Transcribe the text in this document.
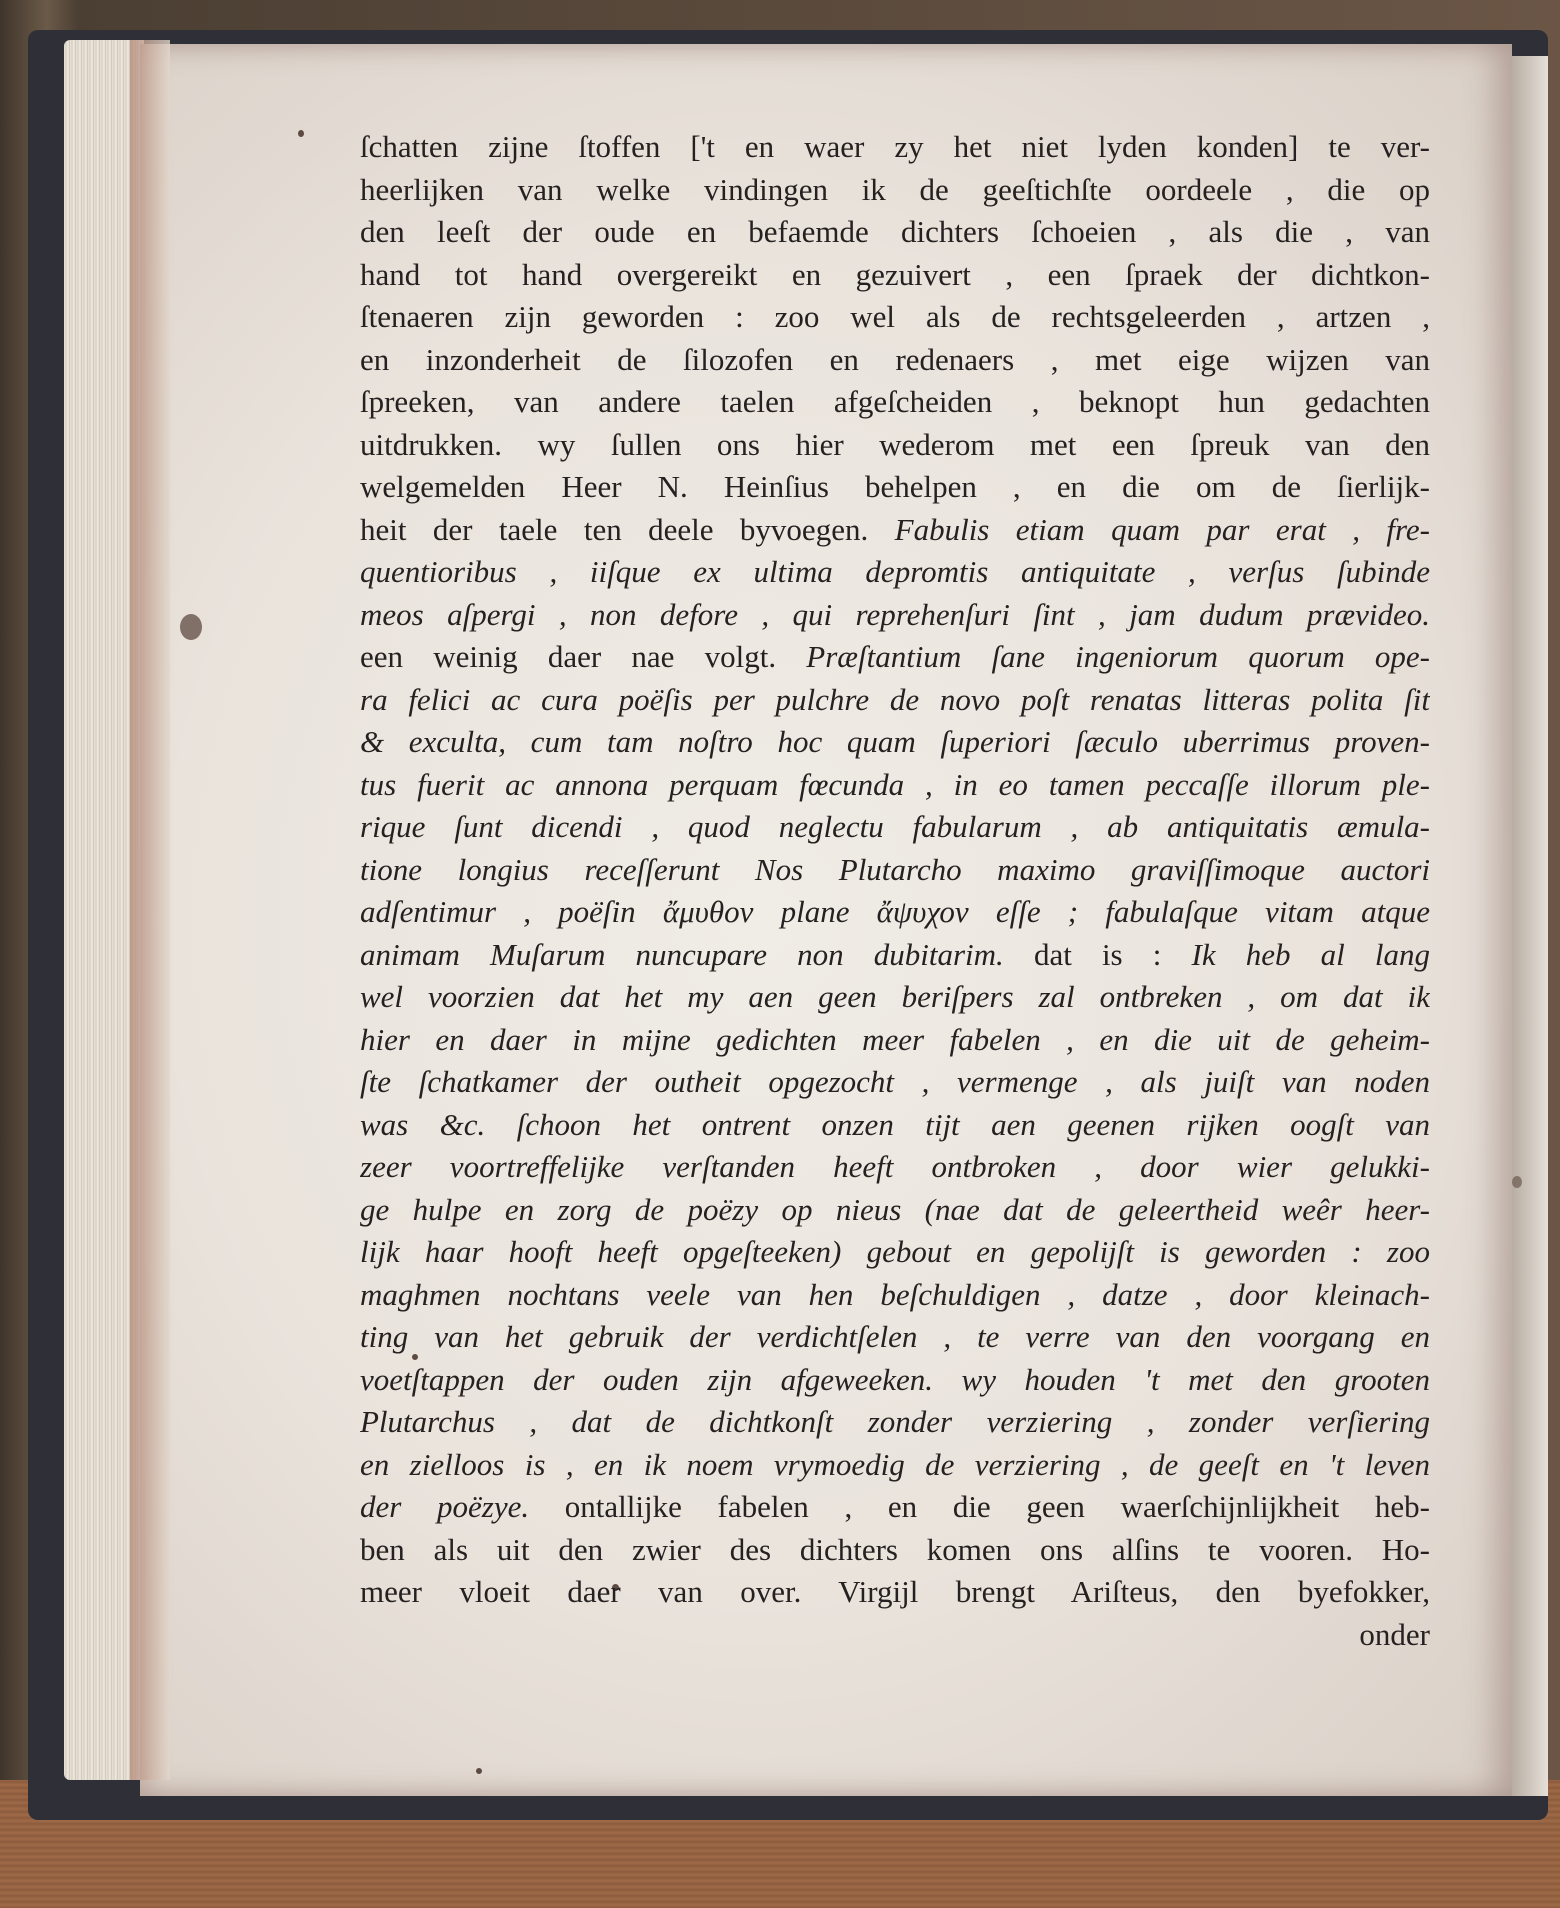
ſchatten zijne ſtoffen ['t en waer zy het niet lyden konden] te ver-
heerlijken van welke vindingen ik de geeſtichſte oordeele , die op
den leeſt der oude en befaemde dichters ſchoeien , als die , van
hand tot hand overgereikt en gezuivert , een ſpraek der dichtkon-
ſtenaeren zijn geworden : zoo wel als de rechtsgeleerden , artzen ,
en inzonderheit de ſilozofen en redenaers , met eige wijzen van
ſpreeken, van andere taelen afgeſcheiden , beknopt hun gedachten
uitdrukken. wy ſullen ons hier wederom met een ſpreuk van den
welgemelden Heer N. Heinſius behelpen , en die om de ſierlijk-
heit der taele ten deele byvoegen. Fabulis etiam quam par erat , fre-
quentioribus , iiſque ex ultima depromtis antiquitate , verſus ſubinde
meos aſpergi , non defore , qui reprehenſuri ſint , jam dudum prævideo.
een weinig daer nae volgt. Præſtantium ſane ingeniorum quorum ope-
ra felici ac cura poëſis per pulchre de novo poſt renatas litteras polita ſit
& exculta, cum tam noſtro hoc quam ſuperiori ſæculo uberrimus proven-
tus fuerit ac annona perquam fœcunda , in eo tamen peccaſſe illorum ple-
rique ſunt dicendi , quod neglectu fabularum , ab antiquitatis æmula-
tione longius receſſerunt Nos Plutarcho maximo graviſſimoque auctori
adſentimur , poëſin ἄμυθον plane ἄψυχον eſſe ; fabulaſque vitam atque
animam Muſarum nuncupare non dubitarim. dat is : Ik heb al lang
wel voorzien dat het my aen geen beriſpers zal ontbreken , om dat ik
hier en daer in mijne gedichten meer fabelen , en die uit de geheim-
ſte ſchatkamer der outheit opgezocht , vermenge , als juiſt van noden
was &c. ſchoon het ontrent onzen tijt aen geenen rijken oogſt van
zeer voortreffelijke verſtanden heeft ontbroken , door wier gelukki-
ge hulpe en zorg de poëzy op nieus (nae dat de geleertheid weêr heer-
lijk haar hooft heeft opgeſteeken) gebout en gepolijſt is geworden : zoo
maghmen nochtans veele van hen beſchuldigen , datze , door kleinach-
ting van het gebruik der verdichtſelen , te verre van den voorgang en
voetſtappen der ouden zijn afgeweeken. wy houden 't met den grooten
Plutarchus , dat de dichtkonſt zonder verziering , zonder verſiering
en zielloos is , en ik noem vrymoedig de verziering , de geeſt en 't leven
der poëzye. ontallijke fabelen , en die geen waerſchijnlijkheit heb-
ben als uit den zwier des dichters komen ons alſins te vooren. Ho-
meer vloeit daer van over. Virgijl brengt Ariſteus, den byefokker,
onder
